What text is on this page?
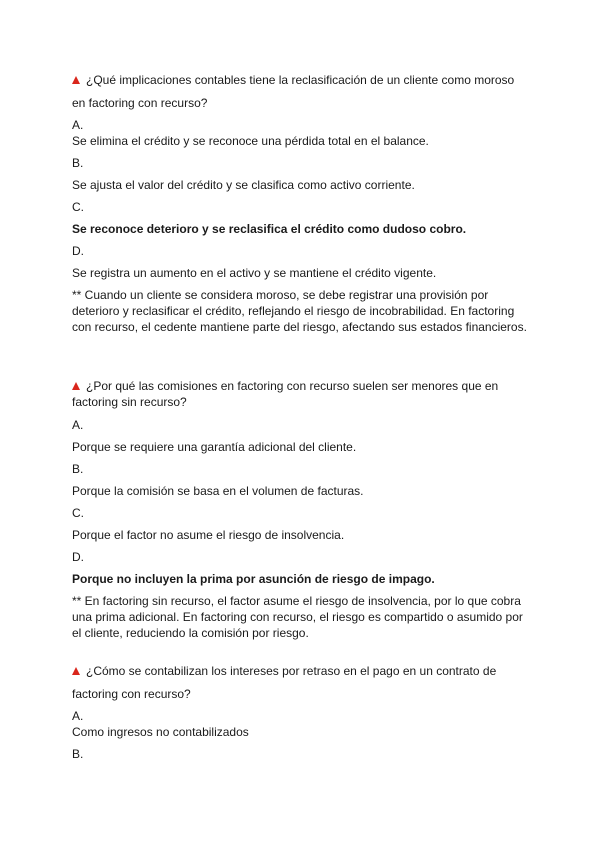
¿Qué implicaciones contables tiene la reclasificación de un cliente como moroso

en factoring con recurso?

A.

Se elimina el crédito y se reconoce una pérdida total en el balance.

B.

Se ajusta el valor del crédito y se clasifica como activo corriente.

C.

Se reconoce deterioro y se reclasifica el crédito como dudoso cobro.

D.

Se registra un aumento en el activo y se mantiene el crédito vigente.

** Cuando un cliente se considera moroso, se debe registrar una provisión por deterioro y reclasificar el crédito, reflejando el riesgo de incobrabilidad. En factoring con recurso, el cedente mantiene parte del riesgo, afectando sus estados financieros.

¿Por qué las comisiones en factoring con recurso suelen ser menores que en

factoring sin recurso?

A.

Porque se requiere una garantía adicional del cliente.

B.

Porque la comisión se basa en el volumen de facturas.

C.

Porque el factor no asume el riesgo de insolvencia.

D.

Porque no incluyen la prima por asunción de riesgo de impago.

** En factoring sin recurso, el factor asume el riesgo de insolvencia, por lo que cobra una prima adicional. En factoring con recurso, el riesgo es compartido o asumido por el cliente, reduciendo la comisión por riesgo.

¿Cómo se contabilizan los intereses por retraso en el pago en un contrato de

factoring con recurso?

A.

Como ingresos no contabilizados

B.
